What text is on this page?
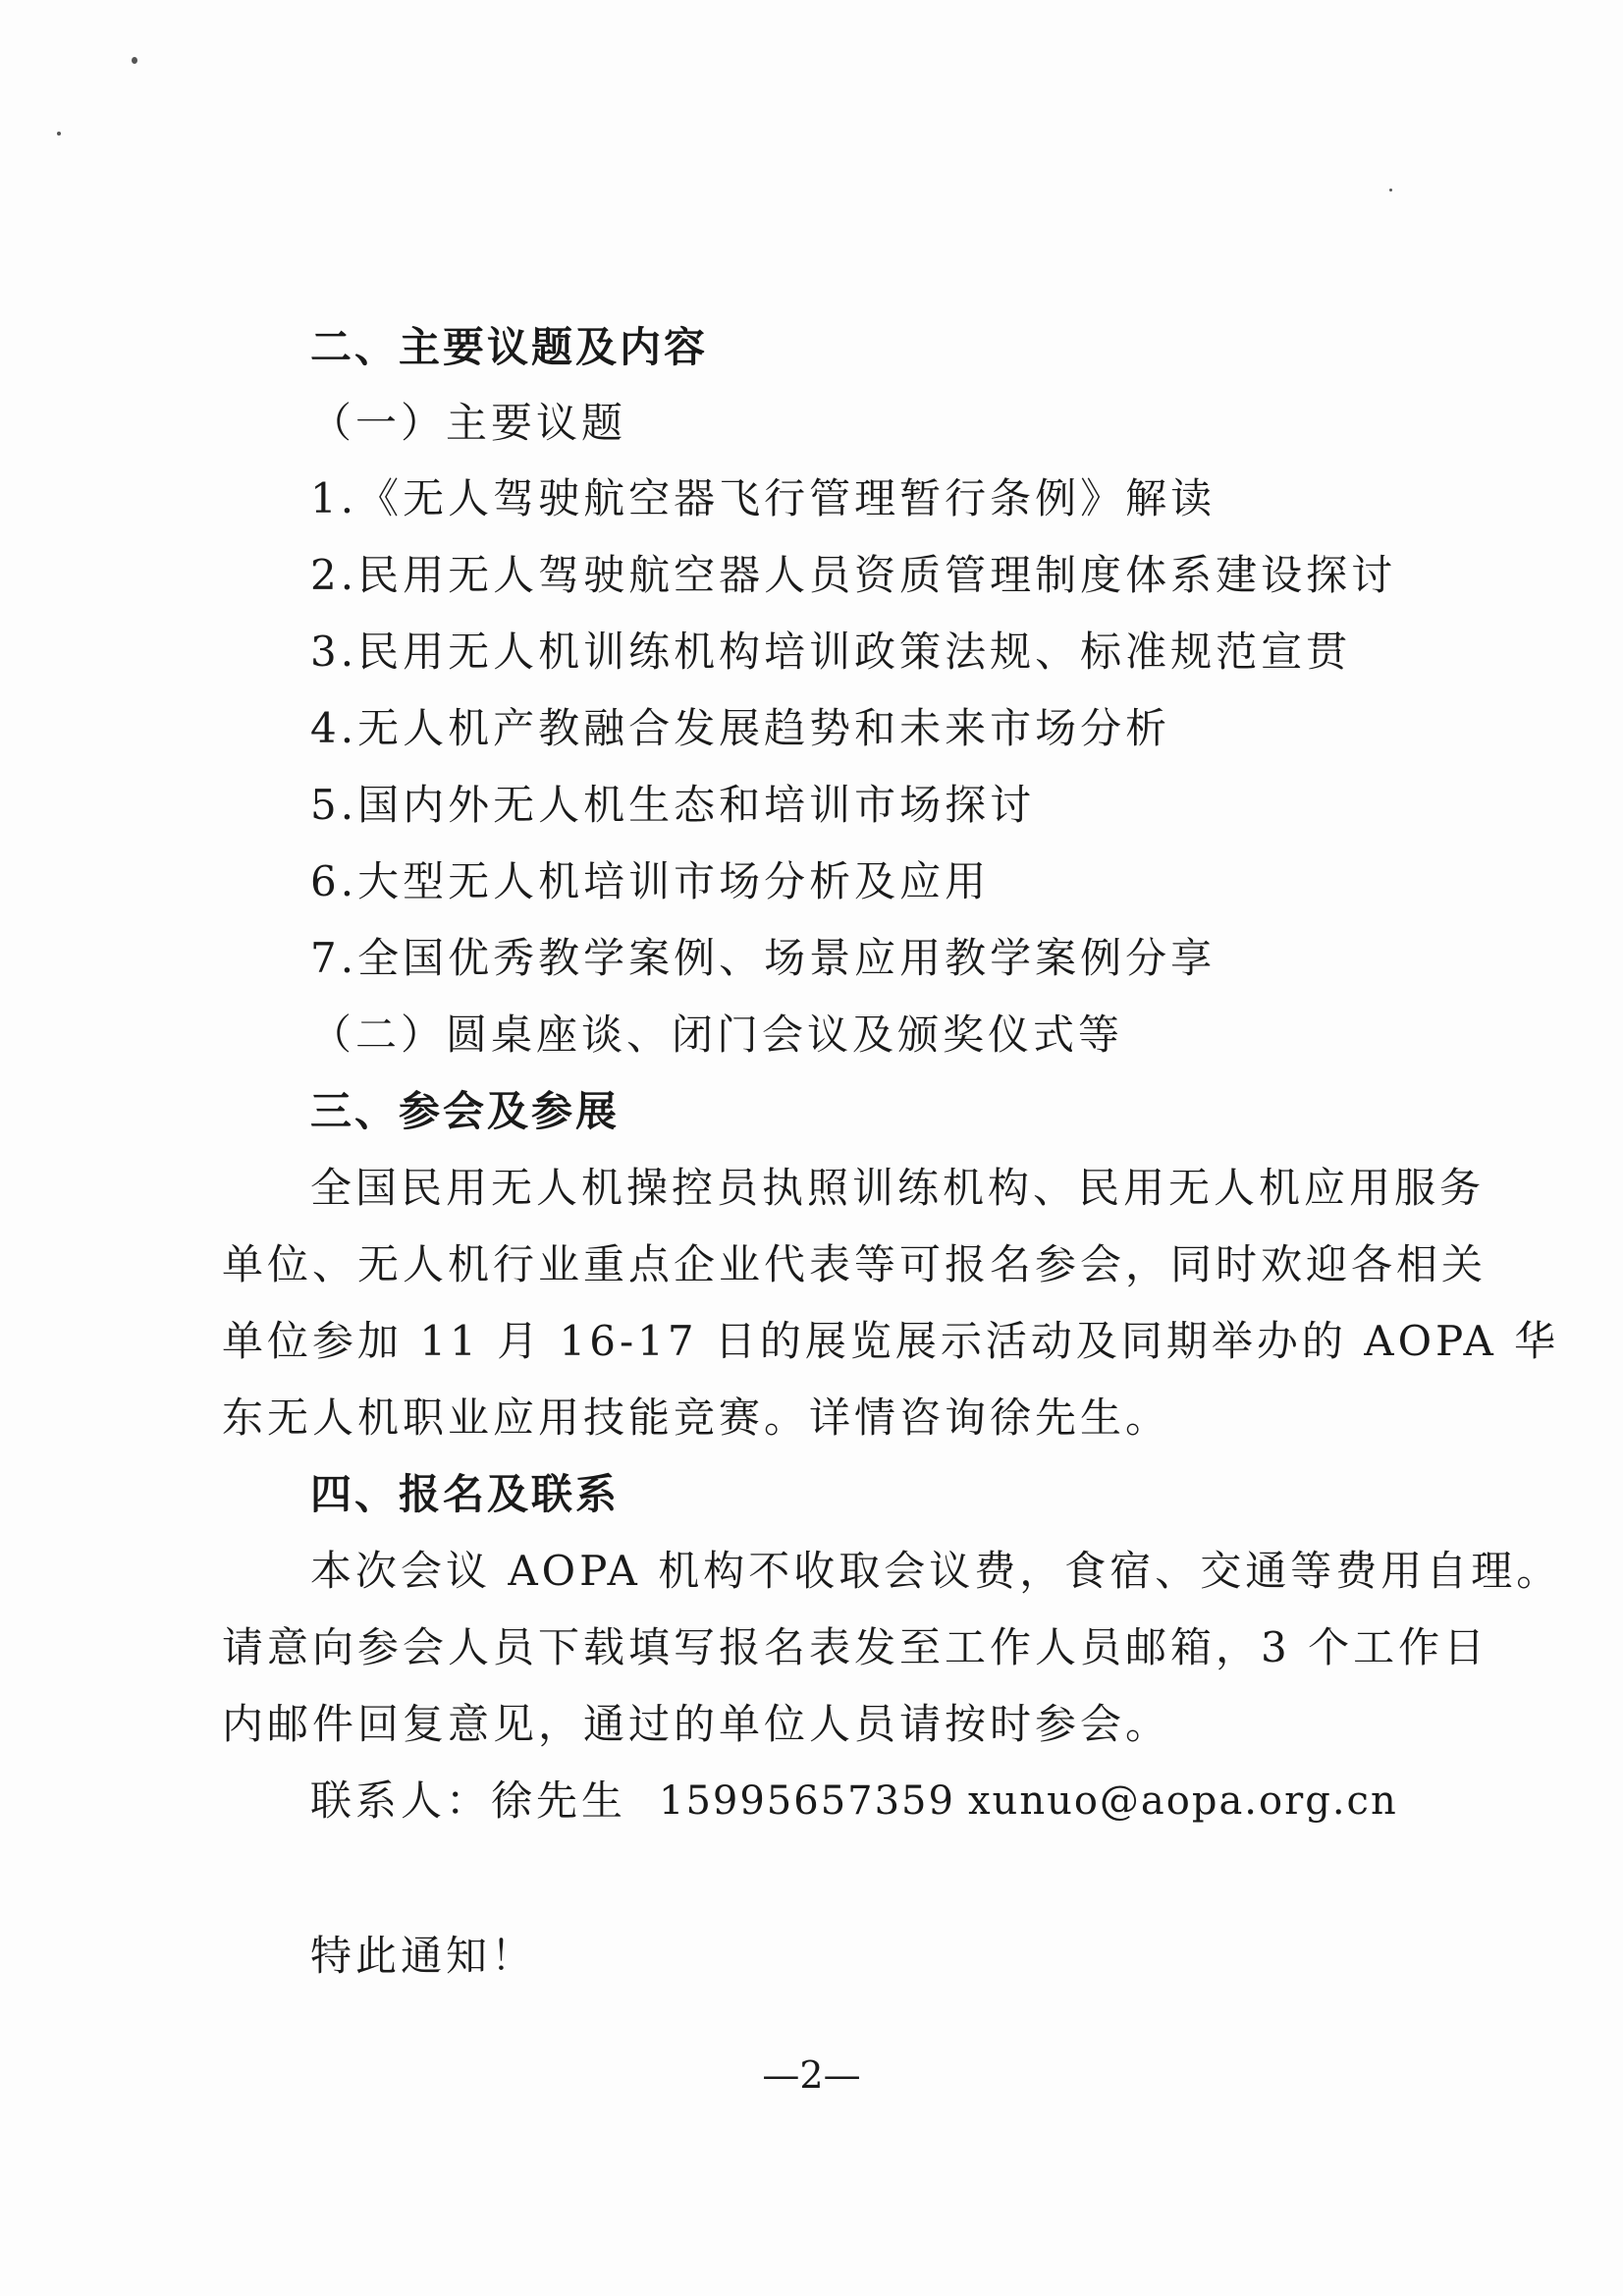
二、主要议题及内容
（一）主要议题
1.《无人驾驶航空器飞行管理暂行条例》解读
2.民用无人驾驶航空器人员资质管理制度体系建设探讨
3.民用无人机训练机构培训政策法规、标准规范宣贯
4.无人机产教融合发展趋势和未来市场分析
5.国内外无人机生态和培训市场探讨
6.大型无人机培训市场分析及应用
7.全国优秀教学案例、场景应用教学案例分享
（二）圆桌座谈、闭门会议及颁奖仪式等
三、参会及参展
全国民用无人机操控员执照训练机构、民用无人机应用服务
单位、无人机行业重点企业代表等可报名参会，同时欢迎各相关
单位参加 11 月 16-17 日的展览展示活动及同期举办的 AOPA 华
东无人机职业应用技能竞赛。详情咨询徐先生。
四、报名及联系
本次会议 AOPA 机构不收取会议费，食宿、交通等费用自理。
请意向参会人员下载填写报名表发至工作人员邮箱，3 个工作日
内邮件回复意见，通过的单位人员请按时参会。
联系人：徐先生 15995657359 xunuo@aopa.org.cn
特此通知！
—2—
